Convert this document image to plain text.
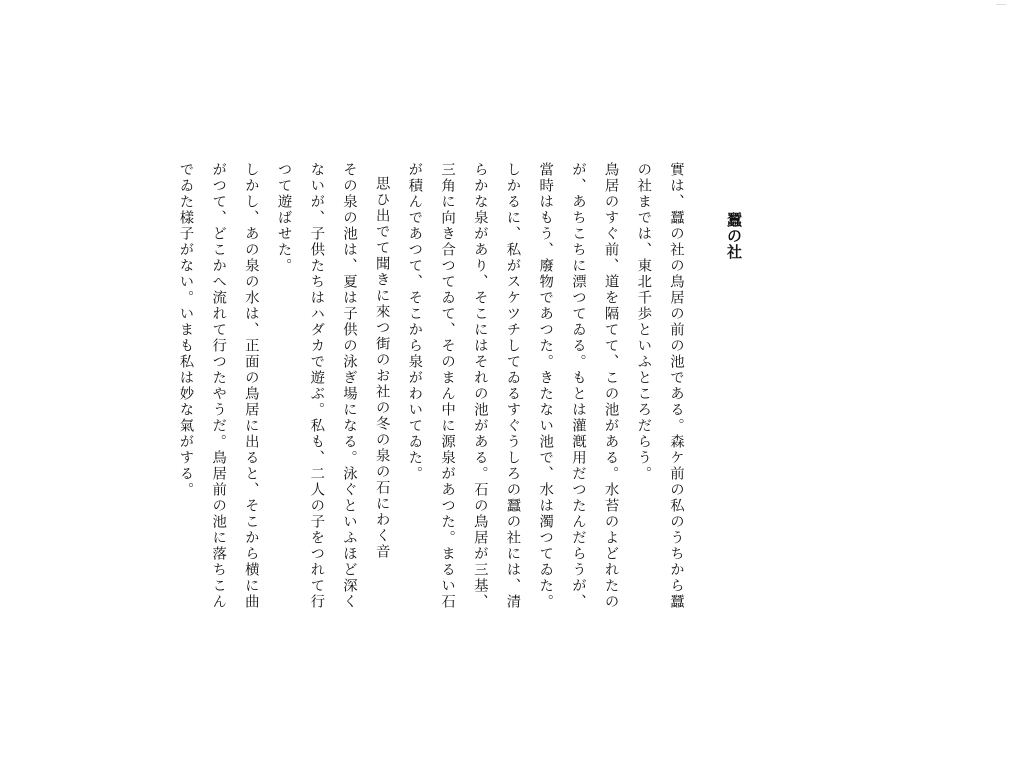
蠶の社

實は、蠶の社の鳥居の前の池である。森ケ前の私のうちから蠶の社までは、東北千歩といふところだらう。

鳥居のすぐ前、道を隔てて、この池がある。水苔のよどれたのが、あちこちに漂つてゐる。もとは灌漑用だつたんだらうが、當時はもう、廢物であつた。きたない池で、水は濁つてゐた。しかるに、私がスケツチしてゐるすぐうしろの蠶の社には、清らかな泉があり、そこにはそれの池がある。石の鳥居が三基、三角に向き合つてゐて、そのまん中に源泉があつた。まるい石が積んであつて、そこから泉がわいてゐた。

思ひ出でて聞きに來つ街のお社の冬の泉の石にわく音

その泉の池は、夏は子供の泳ぎ場になる。泳ぐといふほど深くないが、子供たちはハダカで遊ぶ。私も、二人の子をつれて行つて遊ばせた。

しかし、あの泉の水は、正面の鳥居に出ると、そこから横に曲がつて、どこかへ流れて行つたやうだ。鳥居前の池に落ちこんでゐた樣子がない。いまも私は妙な氣がする。
